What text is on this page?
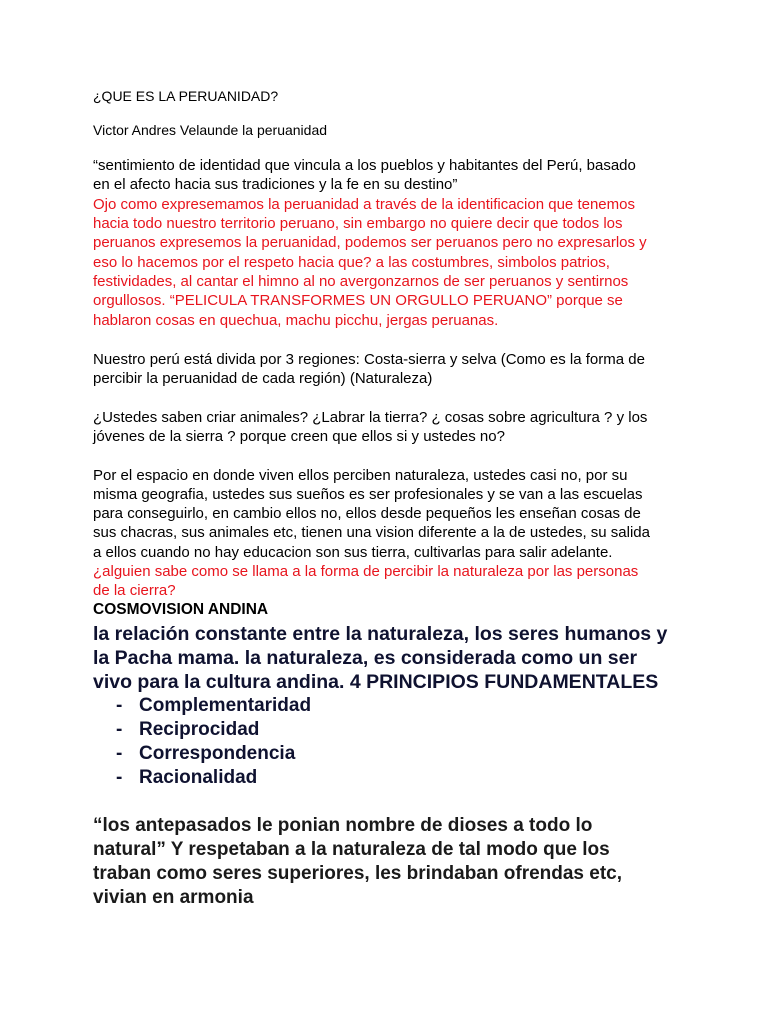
¿QUE ES LA PERUANIDAD?
Victor Andres Velaunde la peruanidad
“sentimiento de identidad que vincula a los pueblos y habitantes del Perú, basado
en el afecto hacia sus tradiciones y la fe en su destino”
Ojo como expresemamos la peruanidad a través de la identificacion que tenemos
hacia todo nuestro territorio peruano, sin embargo no quiere decir que todos los
peruanos expresemos la peruanidad, podemos ser peruanos pero no expresarlos y
eso lo hacemos por el respeto hacia que? a las costumbres, simbolos patrios,
festividades, al cantar el himno al no avergonzarnos de ser peruanos y sentirnos
orgullosos. “PELICULA TRANSFORMES UN ORGULLO PERUANO” porque se
hablaron cosas en quechua, machu picchu, jergas peruanas.
Nuestro perú está divida por 3 regiones: Costa-sierra y selva (Como es la forma de
percibir la peruanidad de cada región) (Naturaleza)
¿Ustedes saben criar animales? ¿Labrar la tierra? ¿ cosas sobre agricultura ? y los
jóvenes de la sierra ? porque creen que ellos si y ustedes no?
Por el espacio en donde viven ellos perciben naturaleza, ustedes casi no, por su
misma geografia, ustedes sus sueños es ser profesionales y se van a las escuelas
para conseguirlo, en cambio ellos no, ellos desde pequeños les enseñan cosas de
sus chacras, sus animales etc, tienen una vision diferente a la de ustedes, su salida
a ellos cuando no hay educacion son sus tierra, cultivarlas para salir adelante.
¿alguien sabe como se llama a la forma de percibir la naturaleza por las personas
de la cierra?
COSMOVISION ANDINA
la relación constante entre la naturaleza, los seres humanos y
la Pacha mama. la naturaleza, es considerada como un ser
vivo para la cultura andina. 4 PRINCIPIOS FUNDAMENTALES
- Complementaridad
- Reciprocidad
- Correspondencia
- Racionalidad
“los antepasados le ponian nombre de dioses a todo lo
natural” Y respetaban a la naturaleza de tal modo que los
traban como seres superiores, les brindaban ofrendas etc,
vivian en armonia
